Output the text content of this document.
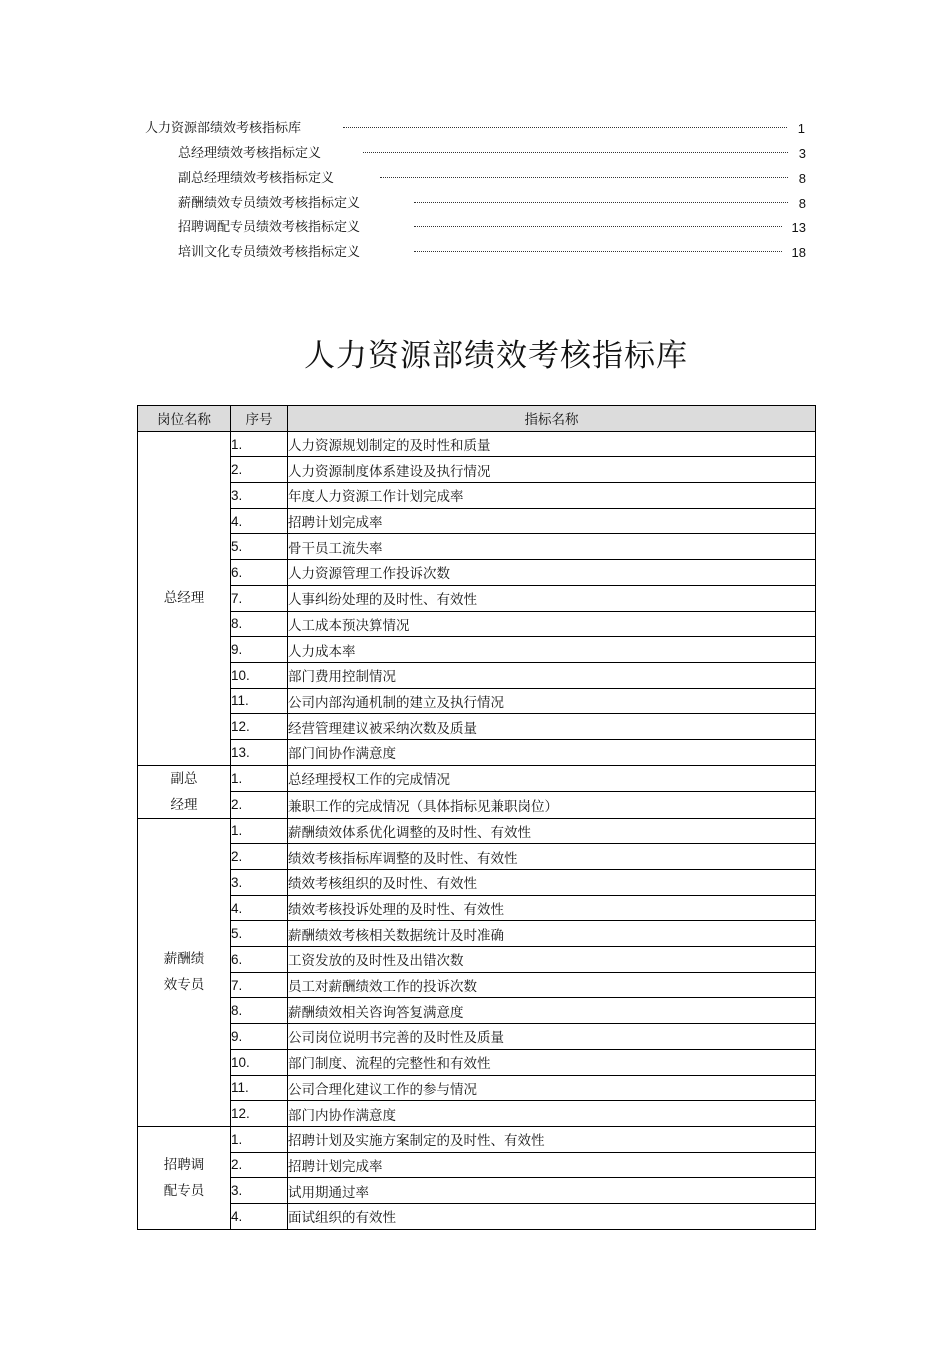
人力资源部绩效考核指标库	1
总经理绩效考核指标定义	3
副总经理绩效考核指标定义	8
薪酬绩效专员绩效考核指标定义	8
招聘调配专员绩效考核指标定义	13
培训文化专员绩效考核指标定义	18
人力资源部绩效考核指标库
岗位名称	序号	指标名称
总经理	1.	人力资源规划制定的及时性和质量
	2.	人力资源制度体系建设及执行情况
	3.	年度人力资源工作计划完成率
	4.	招聘计划完成率
	5.	骨干员工流失率
	6.	人力资源管理工作投诉次数
	7.	人事纠纷处理的及时性、有效性
	8.	人工成本预决算情况
	9.	人力成本率
	10.	部门费用控制情况
	11.	公司内部沟通机制的建立及执行情况
	12.	经营管理建议被采纳次数及质量
	13.	部门间协作满意度
副总
经理	1.	总经理授权工作的完成情况
	2.	兼职工作的完成情况（具体指标见兼职岗位）
薪酬绩
效专员	1.	薪酬绩效体系优化调整的及时性、有效性
	2.	绩效考核指标库调整的及时性、有效性
	3.	绩效考核组织的及时性、有效性
	4.	绩效考核投诉处理的及时性、有效性
	5.	薪酬绩效考核相关数据统计及时准确
	6.	工资发放的及时性及出错次数
	7.	员工对薪酬绩效工作的投诉次数
	8.	薪酬绩效相关咨询答复满意度
	9.	公司岗位说明书完善的及时性及质量
	10.	部门制度、流程的完整性和有效性
	11.	公司合理化建议工作的参与情况
	12.	部门内协作满意度
招聘调
配专员	1.	招聘计划及实施方案制定的及时性、有效性
	2.	招聘计划完成率
	3.	试用期通过率
	4.	面试组织的有效性
